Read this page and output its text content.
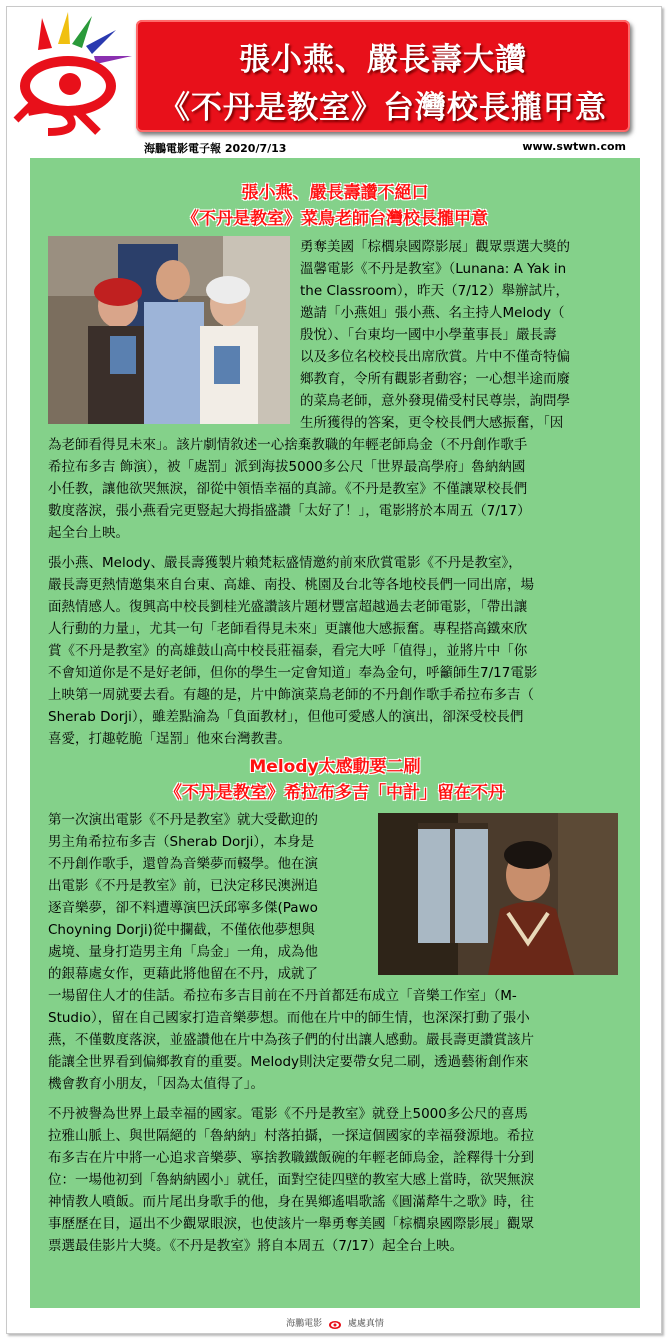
張小燕、嚴長壽大讚
《不丹是教室》台灣校長攏甲意
海鵬電影電子報 2020/7/13	www.swtwn.com
張小燕、嚴長壽讚不絕口
《不丹是教室》菜鳥老師台灣校長攏甲意
勇奪美國「棕櫚泉國際影展」觀眾票選大獎的
溫馨電影《不丹是教室》（Lunana: A Yak in
the Classroom），昨天（7/12）舉辦試片，
邀請「小燕姐」張小燕、名主持人Melody（
殷悅）、「台東均一國中小學董事長」嚴長壽
以及多位名校校長出席欣賞。片中不僅奇特偏
鄉教育，令所有觀影者動容；一心想半途而廢
的菜鳥老師，意外發現備受村民尊崇，詢問學
生所獲得的答案，更令校長們大感振奮，「因
為老師看得見未來」。該片劇情敘述一心捨棄教職的年輕老師烏金（不丹創作歌手
希拉布多吉 飾演），被「處罰」派到海拔5000多公尺「世界最高學府」魯納納國
小任教，讓他欲哭無淚，卻從中領悟幸福的真諦。《不丹是教室》不僅讓眾校長們
數度落淚，張小燕看完更豎起大拇指盛讚「太好了！」，電影將於本周五（7/17）
起全台上映。
張小燕、Melody、嚴長壽獲製片賴梵耘盛情邀約前來欣賞電影《不丹是教室》，
嚴長壽更熱情邀集來自台東、高雄、南投、桃園及台北等各地校長們一同出席，場
面熱情感人。復興高中校長劉桂光盛讚該片題材豐富超越過去老師電影，「帶出讓
人行動的力量」，尤其一句「老師看得見未來」更讓他大感振奮。專程搭高鐵來欣
賞《不丹是教室》的高雄鼓山高中校長莊福泰，看完大呼「值得」，並將片中「你
不會知道你是不是好老師，但你的學生一定會知道」奉為金句，呼籲師生7/17電影
上映第一周就要去看。有趣的是，片中飾演菜鳥老師的不丹創作歌手希拉布多吉（
Sherab Dorji），雖差點淪為「負面教材」，但他可愛感人的演出，卻深受校長們
喜愛，打趣乾脆「逞罰」他來台灣教書。
Melody太感動要二刷
《不丹是教室》希拉布多吉「中計」留在不丹
第一次演出電影《不丹是教室》就大受歡迎的
男主角希拉布多吉（Sherab Dorji），本身是
不丹創作歌手，還曾為音樂夢而輟學。他在演
出電影《不丹是教室》前，已決定移民澳洲追
逐音樂夢，卻不料遭導演巴沃邱寧多傑(Pawo
Choyning Dorji)從中攔截，不僅依他夢想與
處境、量身打造男主角「烏金」一角，成為他
的銀幕處女作，更藉此將他留在不丹，成就了
一場留住人才的佳話。希拉布多吉目前在不丹首都廷布成立「音樂工作室」（M-
Studio），留在自己國家打造音樂夢想。而他在片中的師生情，也深深打動了張小
燕，不僅數度落淚，並盛讚他在片中為孩子們的付出讓人感動。嚴長壽更讚賞該片
能讓全世界看到偏鄉教育的重要。Melody則決定要帶女兒二刷，透過藝術創作來
機會教育小朋友，「因為太值得了」。
不丹被譽為世界上最幸福的國家。電影《不丹是教室》就登上5000多公尺的喜馬
拉雅山脈上、與世隔絕的「魯納納」村落拍攝，一探這個國家的幸福發源地。希拉
布多吉在片中將一心追求音樂夢、寧捨教職鐵飯碗的年輕老師烏金，詮釋得十分到
位：一場他初到「魯納納國小」就任，面對空徒四壁的教室大感上當時，欲哭無淚
神情教人噴飯。而片尾出身歌手的他，身在異鄉遙唱歌謠《圓滿犛牛之歌》時，往
事歷歷在目，逼出不少觀眾眼淚，也使該片一舉勇奪美國「棕櫚泉國際影展」觀眾
票選最佳影片大獎。《不丹是教室》將自本周五（7/17）起全台上映。
海鵬電影	處處真情
